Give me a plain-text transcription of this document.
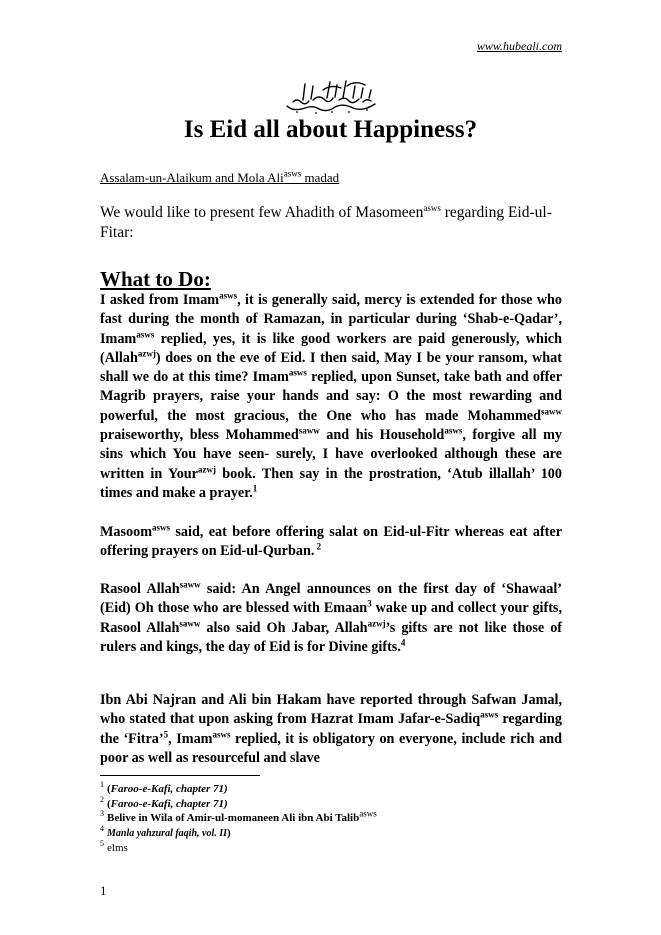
www.hubeali.com
Is Eid all about Happiness?
Assalam-un-Alaikum and Mola Ali$^{asws}$ madad
We would like to present few Ahadith of Masomeen$^{asws}$ regarding Eid-ul-Fitar:
What to Do:

I asked from Imam$^{asws}$, it is generally said, mercy is extended for those who fast during the month of Ramazan, in particular during ‘Shab-e-Qadar’, Imam$^{asws}$ replied, yes, it is like good workers are paid generously, which (Allah$^{azwj}$) does on the eve of Eid. I then said, May I be your ransom, what shall we do at this time? Imam$^{asws}$ replied, upon Sunset, take bath and offer Magrib prayers, raise your hands and say: O the most rewarding and powerful, the most gracious, the One who has made Mohammed$^{saww}$ praiseworthy, bless Mohammed$^{saww}$ and his Household$^{asws}$, forgive all my sins which You have seen- surely, I have overlooked although these are written in Your$^{azwj}$ book. Then say in the prostration, ‘Atub illallah’ 100 times and make a prayer.$^1$

Masoom$^{asws}$ said, eat before offering salat on Eid-ul-Fitr whereas eat after offering prayers on Eid-ul-Qurban. $^2$

Rasool Allah$^{saww}$ said: An Angel announces on the first day of ‘Shawaal’ (Eid) Oh those who are blessed with Emaan$^3$ wake up and collect your gifts, Rasool Allah$^{saww}$ also said Oh Jabar, Allah$^{azwj}$’s gifts are not like those of rulers and kings, the day of Eid is for Divine gifts.$^4$

Ibn Abi Najran and Ali bin Hakam have reported through Safwan Jamal, who stated that upon asking from Hazrat Imam Jafar-e-Sadiq$^{asws}$ regarding the ‘Fitra’$^5$, Imam$^{asws}$ replied, it is obligatory on everyone, include rich and poor as well as resourceful and slave

$^1$ (Faroo-e-Kafi, chapter 71)

$^2$ (Faroo-e-Kafi, chapter 71)

$^3$ Belive in Wila of Amir-ul-momaneen Ali ibn Abi Talib$^{asws}$

$^4$ Manla yahzural faqih, vol. II)

$^5$ elms

1
